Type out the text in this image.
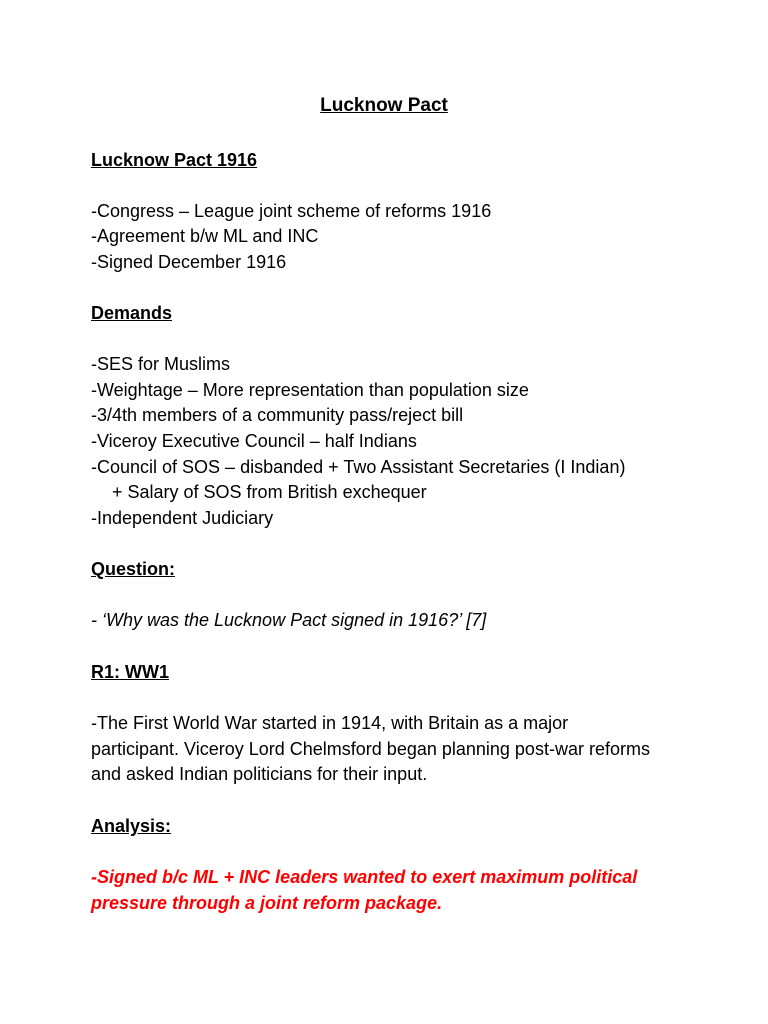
Lucknow Pact
Lucknow Pact 1916
-Congress – League joint scheme of reforms 1916
-Agreement b/w ML and INC
-Signed December 1916
Demands
-SES for Muslims
-Weightage – More representation than population size
-3/4th members of a community pass/reject bill
-Viceroy Executive Council – half Indians
-Council of SOS – disbanded + Two Assistant Secretaries (I Indian)
+ Salary of SOS from British exchequer
-Independent Judiciary
Question:
- ‘Why was the Lucknow Pact signed in 1916?’ [7]
R1: WW1
-The First World War started in 1914, with Britain as a major
participant. Viceroy Lord Chelmsford began planning post-war reforms
and asked Indian politicians for their input.
Analysis:
-Signed b/c ML + INC leaders wanted to exert maximum political
pressure through a joint reform package.
